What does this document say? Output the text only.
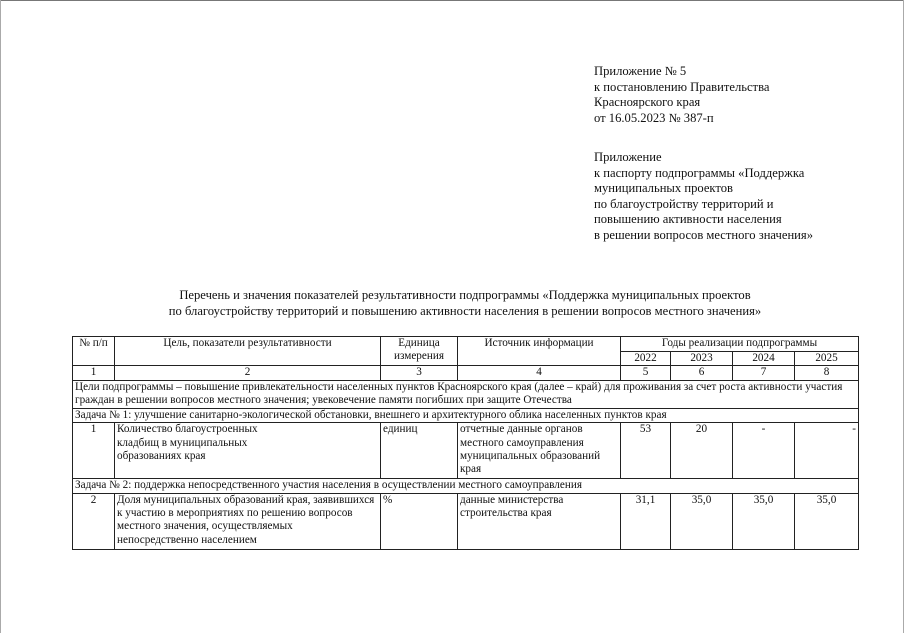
Приложение № 5
к постановлению Правительства
Красноярского края
от 16.05.2023 № 387-п
Приложение
к паспорту подпрограммы «Поддержка
муниципальных проектов
по благоустройству территорий и
повышению активности населения
в решении вопросов местного значения»
Перечень и значения показателей результативности подпрограммы «Поддержка муниципальных проектов
по благоустройству территорий и повышению активности населения в решении вопросов местного значения»
№ п/п	Цель, показатели результативности	Единица измерения	Источник информации	Годы реализации подпрограммы			
				2022	2023	2024	2025
1	2	3	4	5	6	7	8
Цели подпрограммы – повышение привлекательности населенных пунктов Красноярского края (далее – край) для проживания за счет роста активности участия граждан в решении вопросов местного значения; увековечение памяти погибших при защите Отечества							
Задача № 1: улучшение санитарно-экологической обстановки, внешнего и архитектурного облика населенных пунктов края							
1	Количество благоустроенных кладбищ в муниципальных образованиях края	единиц	отчетные данные органов местного самоуправления муниципальных образований края	53	20	-	-
Задача № 2: поддержка непосредственного участия населения в осуществлении местного самоуправления							
2	Доля муниципальных образований края, заявившихся к участию в мероприятиях по решению вопросов местного значения, осуществляемых непосредственно населением	%	данные министерства строительства края	31,1	35,0	35,0	35,0
